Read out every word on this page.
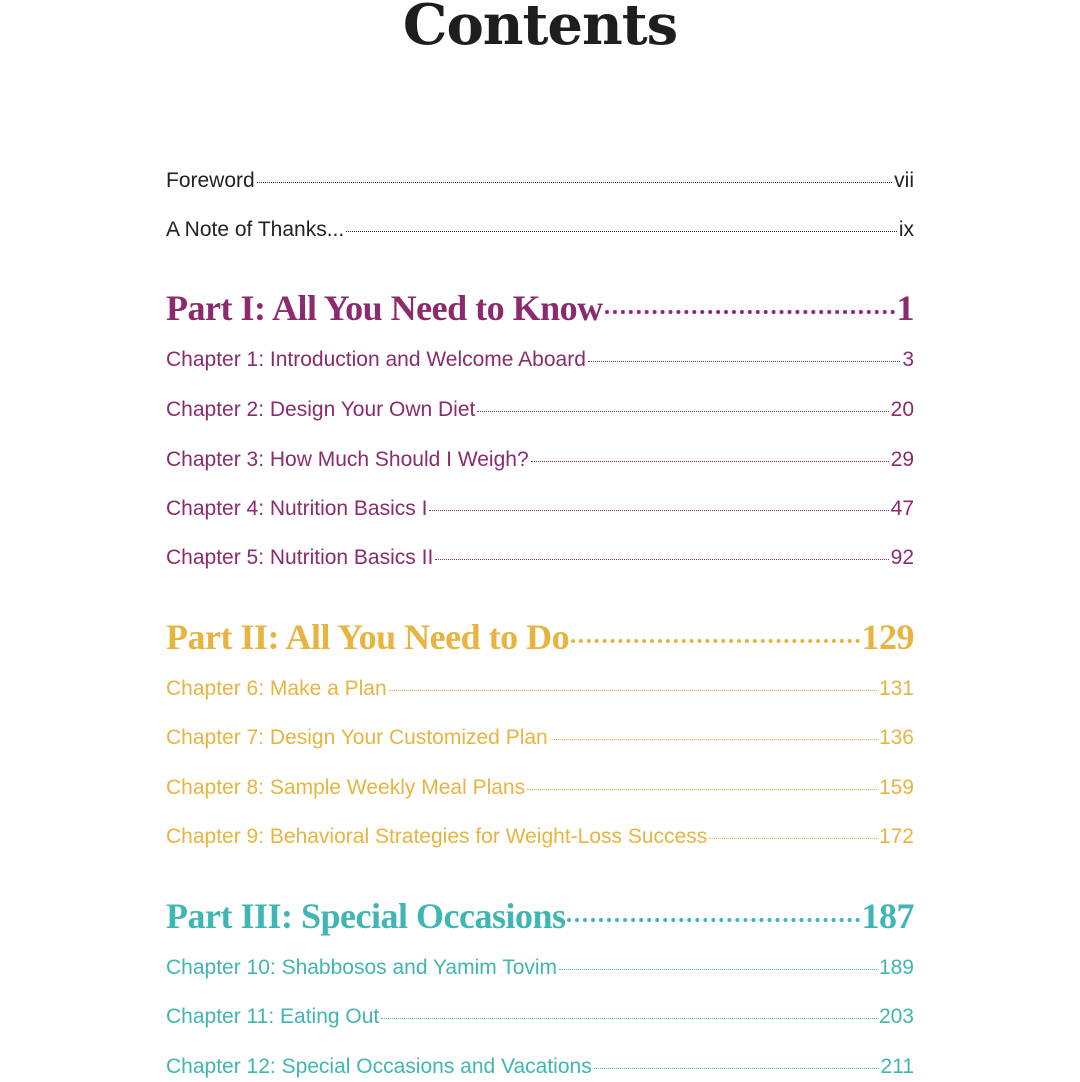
Contents
Foreword	vii
A Note of Thanks...	ix
Part I: All You Need to Know	1
Chapter 1: Introduction and Welcome Aboard	3
Chapter 2: Design Your Own Diet	20
Chapter 3: How Much Should I Weigh?	29
Chapter 4: Nutrition Basics I	47
Chapter 5: Nutrition Basics II	92
Part II: All You Need to Do	129
Chapter 6: Make a Plan	131
Chapter 7: Design Your Customized Plan	136
Chapter 8: Sample Weekly Meal Plans	159
Chapter 9: Behavioral Strategies for Weight-Loss Success	172
Part III: Special Occasions	187
Chapter 10: Shabbosos and Yamim Tovim	189
Chapter 11: Eating Out	203
Chapter 12: Special Occasions and Vacations	211
